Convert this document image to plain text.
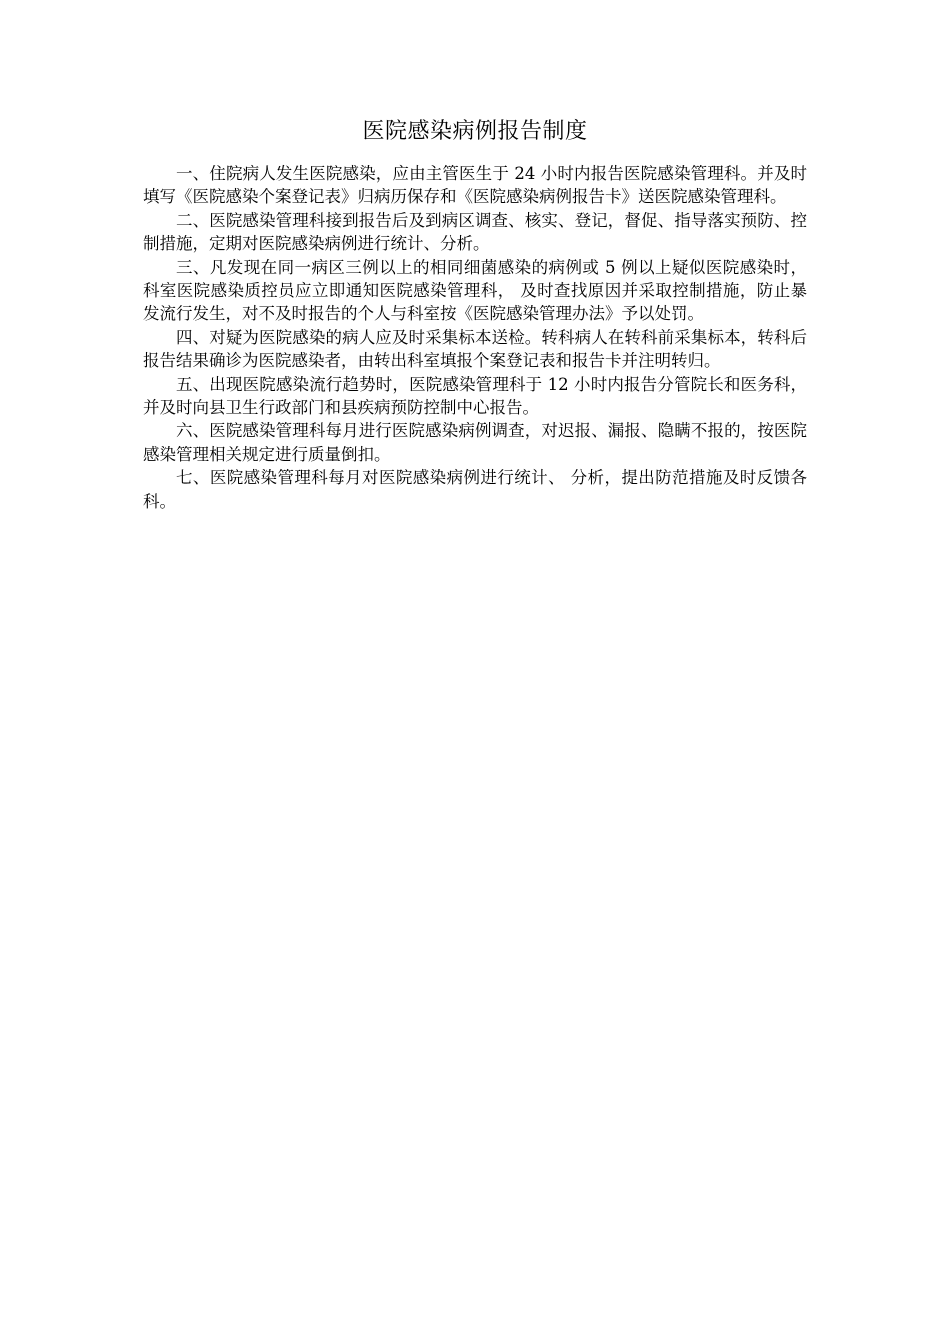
医院感染病例报告制度

一、住院病人发生医院感染，应由主管医生于 24 小时内报告医院感染管理科。并及时填写《医院感染个案登记表》归病历保存和《医院感染病例报告卡》送医院感染管理科。

二、医院感染管理科接到报告后及到病区调查、核实、登记，督促、指导落实预防、控制措施，定期对医院感染病例进行统计、分析。

三、凡发现在同一病区三例以上的相同细菌感染的病例或 5 例以上疑似医院感染时，科室医院感染质控员应立即通知医院感染管理科， 及时查找原因并采取控制措施，防止暴发流行发生，对不及时报告的个人与科室按《医院感染管理办法》予以处罚。

四、对疑为医院感染的病人应及时采集标本送检。转科病人在转科前采集标本，转科后报告结果确诊为医院感染者，由转出科室填报个案登记表和报告卡并注明转归。

五、出现医院感染流行趋势时，医院感染管理科于 12 小时内报告分管院长和医务科，并及时向县卫生行政部门和县疾病预防控制中心报告。

六、医院感染管理科每月进行医院感染病例调查，对迟报、漏报、隐瞒不报的，按医院感染管理相关规定进行质量倒扣。

七、医院感染管理科每月对医院感染病例进行统计、 分析，提出防范措施及时反馈各科。
